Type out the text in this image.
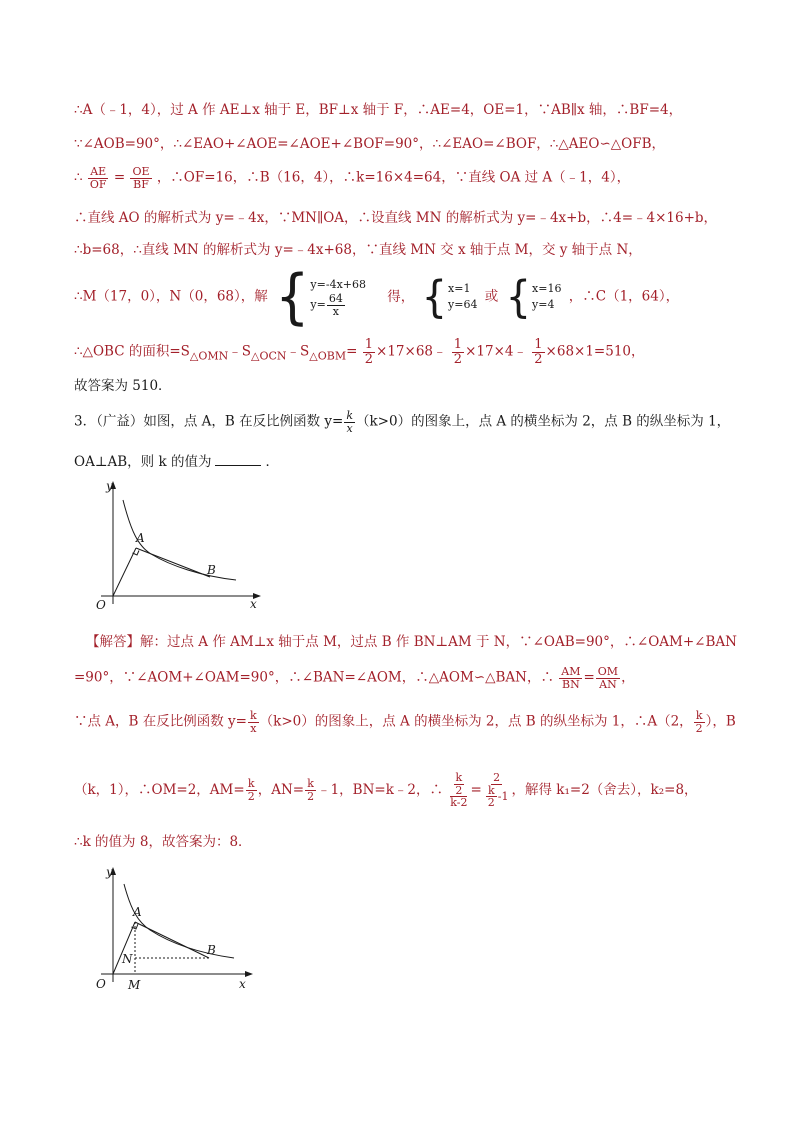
∴A（﹣1，4），过 A 作 AE⊥x 轴于 E，BF⊥x 轴于 F，∴AE=4，OE=1，∵AB∥x 轴，∴BF=4，
∵∠AOB=90°，∴∠EAO+∠AOE=∠AOE+∠BOF=90°，∴∠EAO=∠BOF，∴△AEO∽△OFB，
∴ $\frac{AE}{OF} = \frac{OE}{BF}$ ，∴OF=16，∴B（16，4），∴k=16×4=64，∵直线 OA 过 A（﹣1，4），
∴直线 AO 的解析式为 y=﹣4x，∵MN∥OA，∴设直线 MN 的解析式为 y=﹣4x+b，∴4=﹣4×16+b，
∴b=68，∴直线 MN 的解析式为 y=﹣4x+68，∵直线 MN 交 x 轴于点 M，交 y 轴于点 N，
∴M（17，0），N（0，68），解 { y=-4x+68
$y= \frac{64}{x}$	得， { x=1
y=64 或 { x=16
y=4	，∴C（1，64），
∴△OBC 的面积$=S_{\triangle OMN}﹣S_{\triangle OCN}﹣S_{\triangle OBM}= \frac{1}{2}$ ×17×68﹣ $\frac{1}{2}$ ×17×4﹣ $\frac{1}{2} \times 68\times 1=510$，
故答案为 510．
3．（广益）如图，点 A，B 在反比例函数 $y= \frac{k}{x} (k>0)$的图象上，点 A 的横坐标为 2，点 B 的纵坐标为 1，
OA⊥AB，则 k 的值为	．
y
x
O
A
B
【解答】解：过点 A 作 AM⊥x 轴于点 M，过点 B 作 BN⊥AM 于 N，∵∠OAB=90°，∴∠OAM+∠BAN
=90°，∵∠AOM+∠OAM=90°，∴∠BAN=∠AOM，∴△AOM∽△BAN，∴ $\frac{AM}{BN} = \frac{OM}{AN}$ ，
∵点 A，B 在反比例函数 $y= \frac{k}{x} (k>0)$的图象上，点 A 的横坐标为 2，点 B 的纵坐标为 1，∴A（2， $\frac{k}{2}$ ），B
（k，1），∴OM=2，$AM= \frac{k}{2}$ ，$AN= \frac{k}{2}$ ﹣1，BN=k﹣2，∴ $\frac{\frac{k}{2}}{k-2} = \frac{2}{\frac{k}{2} -1}$ ，解得 k₁=2（舍去），k₂=8，
∴k 的值为 8，故答案为：8．
y
x
O
A
B
N
M
